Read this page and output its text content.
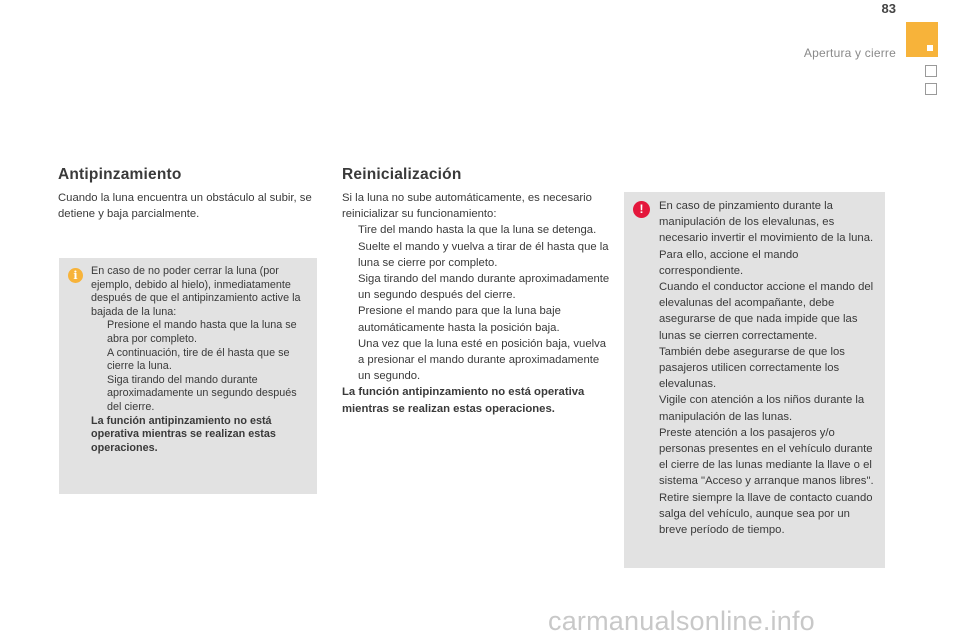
83
Apertura y cierre
Antipinzamiento
Cuando la luna encuentra un obstáculo al subir, se detiene y baja parcialmente.
i	En caso de no poder cerrar la luna (por ejemplo, debido al hielo), inmediatamente después de que el antipinzamiento active la bajada de la luna:
Presione el mando hasta que la luna se abra por completo.
A continuación, tire de él hasta que se cierre la luna.
Siga tirando del mando durante aproximadamente un segundo después del cierre.
La función antipinzamiento no está operativa mientras se realizan estas operaciones.
Reinicialización
Si la luna no sube automáticamente, es necesario reinicializar su funcionamiento:
Tire del mando hasta la que la luna se detenga.
Suelte el mando y vuelva a tirar de él hasta que la luna se cierre por completo.
Siga tirando del mando durante aproximadamente un segundo después del cierre.
Presione el mando para que la luna baje automáticamente hasta la posición baja.
Una vez que la luna esté en posición baja, vuelva a presionar el mando durante aproximadamente un segundo.
La función antipinzamiento no está operativa mientras se realizan estas operaciones.
!	En caso de pinzamiento durante la manipulación de los elevalunas, es necesario invertir el movimiento de la luna. Para ello, accione el mando correspondiente.
Cuando el conductor accione el mando del elevalunas del acompañante, debe asegurarse de que nada impide que las lunas se cierren correctamente.
También debe asegurarse de que los pasajeros utilicen correctamente los elevalunas.
Vigile con atención a los niños durante la manipulación de las lunas.
Preste atención a los pasajeros y/o personas presentes en el vehículo durante el cierre de las lunas mediante la llave o el sistema "Acceso y arranque manos libres".
Retire siempre la llave de contacto cuando salga del vehículo, aunque sea por un breve período de tiempo.
carmanualsonline.info
